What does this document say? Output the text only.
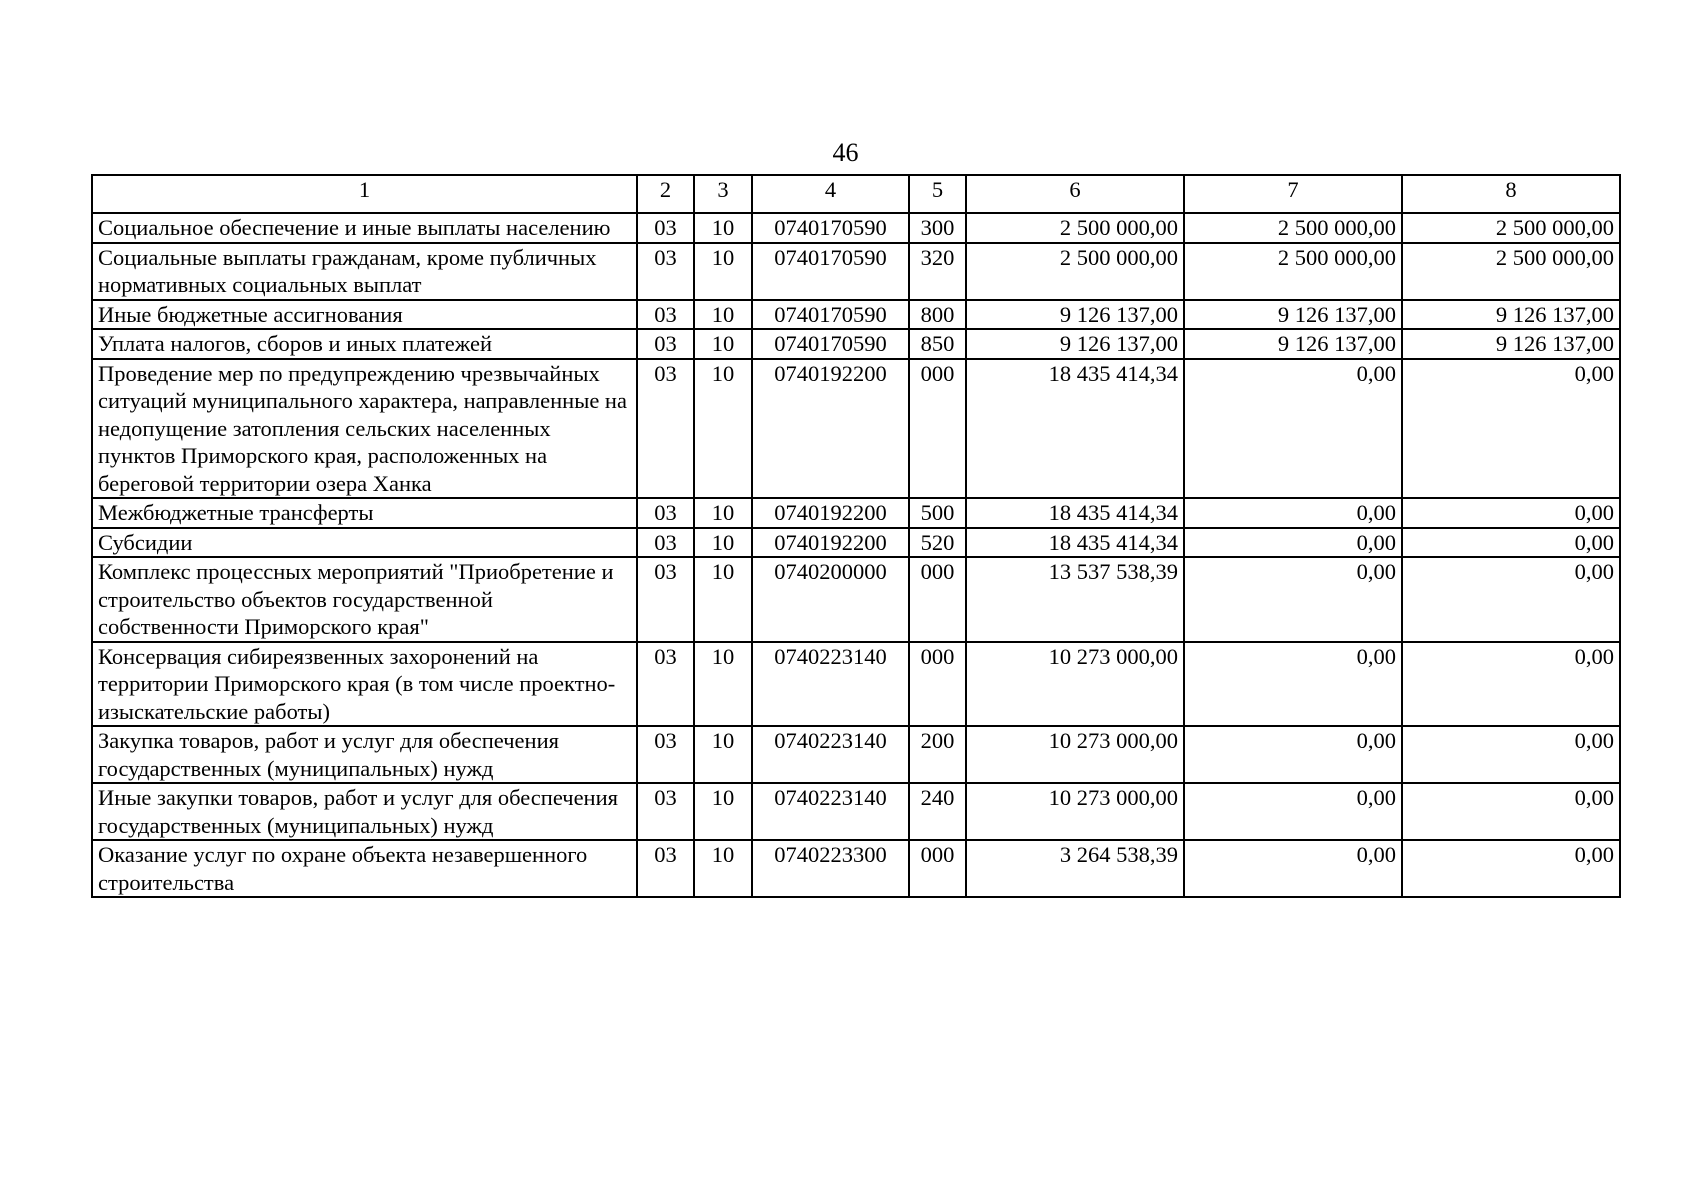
46
1	2	3	4	5	6	7	8
Социальное обеспечение и иные выплаты населению	03	10	0740170590	300	2 500 000,00	2 500 000,00	2 500 000,00
Социальные выплаты гражданам, кроме публичных нормативных социальных выплат	03	10	0740170590	320	2 500 000,00	2 500 000,00	2 500 000,00
Иные бюджетные ассигнования	03	10	0740170590	800	9 126 137,00	9 126 137,00	9 126 137,00
Уплата налогов, сборов и иных платежей	03	10	0740170590	850	9 126 137,00	9 126 137,00	9 126 137,00
Проведение мер по предупреждению чрезвычайных ситуаций муниципального характера, направленные на недопущение затопления сельских населенных пунктов Приморского края, расположенных на береговой территории озера Ханка	03	10	0740192200	000	18 435 414,34	0,00	0,00
Межбюджетные трансферты	03	10	0740192200	500	18 435 414,34	0,00	0,00
Субсидии	03	10	0740192200	520	18 435 414,34	0,00	0,00
Комплекс процессных мероприятий "Приобретение и строительство объектов государственной собственности Приморского края"	03	10	0740200000	000	13 537 538,39	0,00	0,00
Консервация сибиреязвенных захоронений на территории Приморского края (в том числе проектно-изыскательские работы)	03	10	0740223140	000	10 273 000,00	0,00	0,00
Закупка товаров, работ и услуг для обеспечения государственных (муниципальных) нужд	03	10	0740223140	200	10 273 000,00	0,00	0,00
Иные закупки товаров, работ и услуг для обеспечения государственных (муниципальных) нужд	03	10	0740223140	240	10 273 000,00	0,00	0,00
Оказание услуг по охране объекта незавершенного строительства	03	10	0740223300	000	3 264 538,39	0,00	0,00
